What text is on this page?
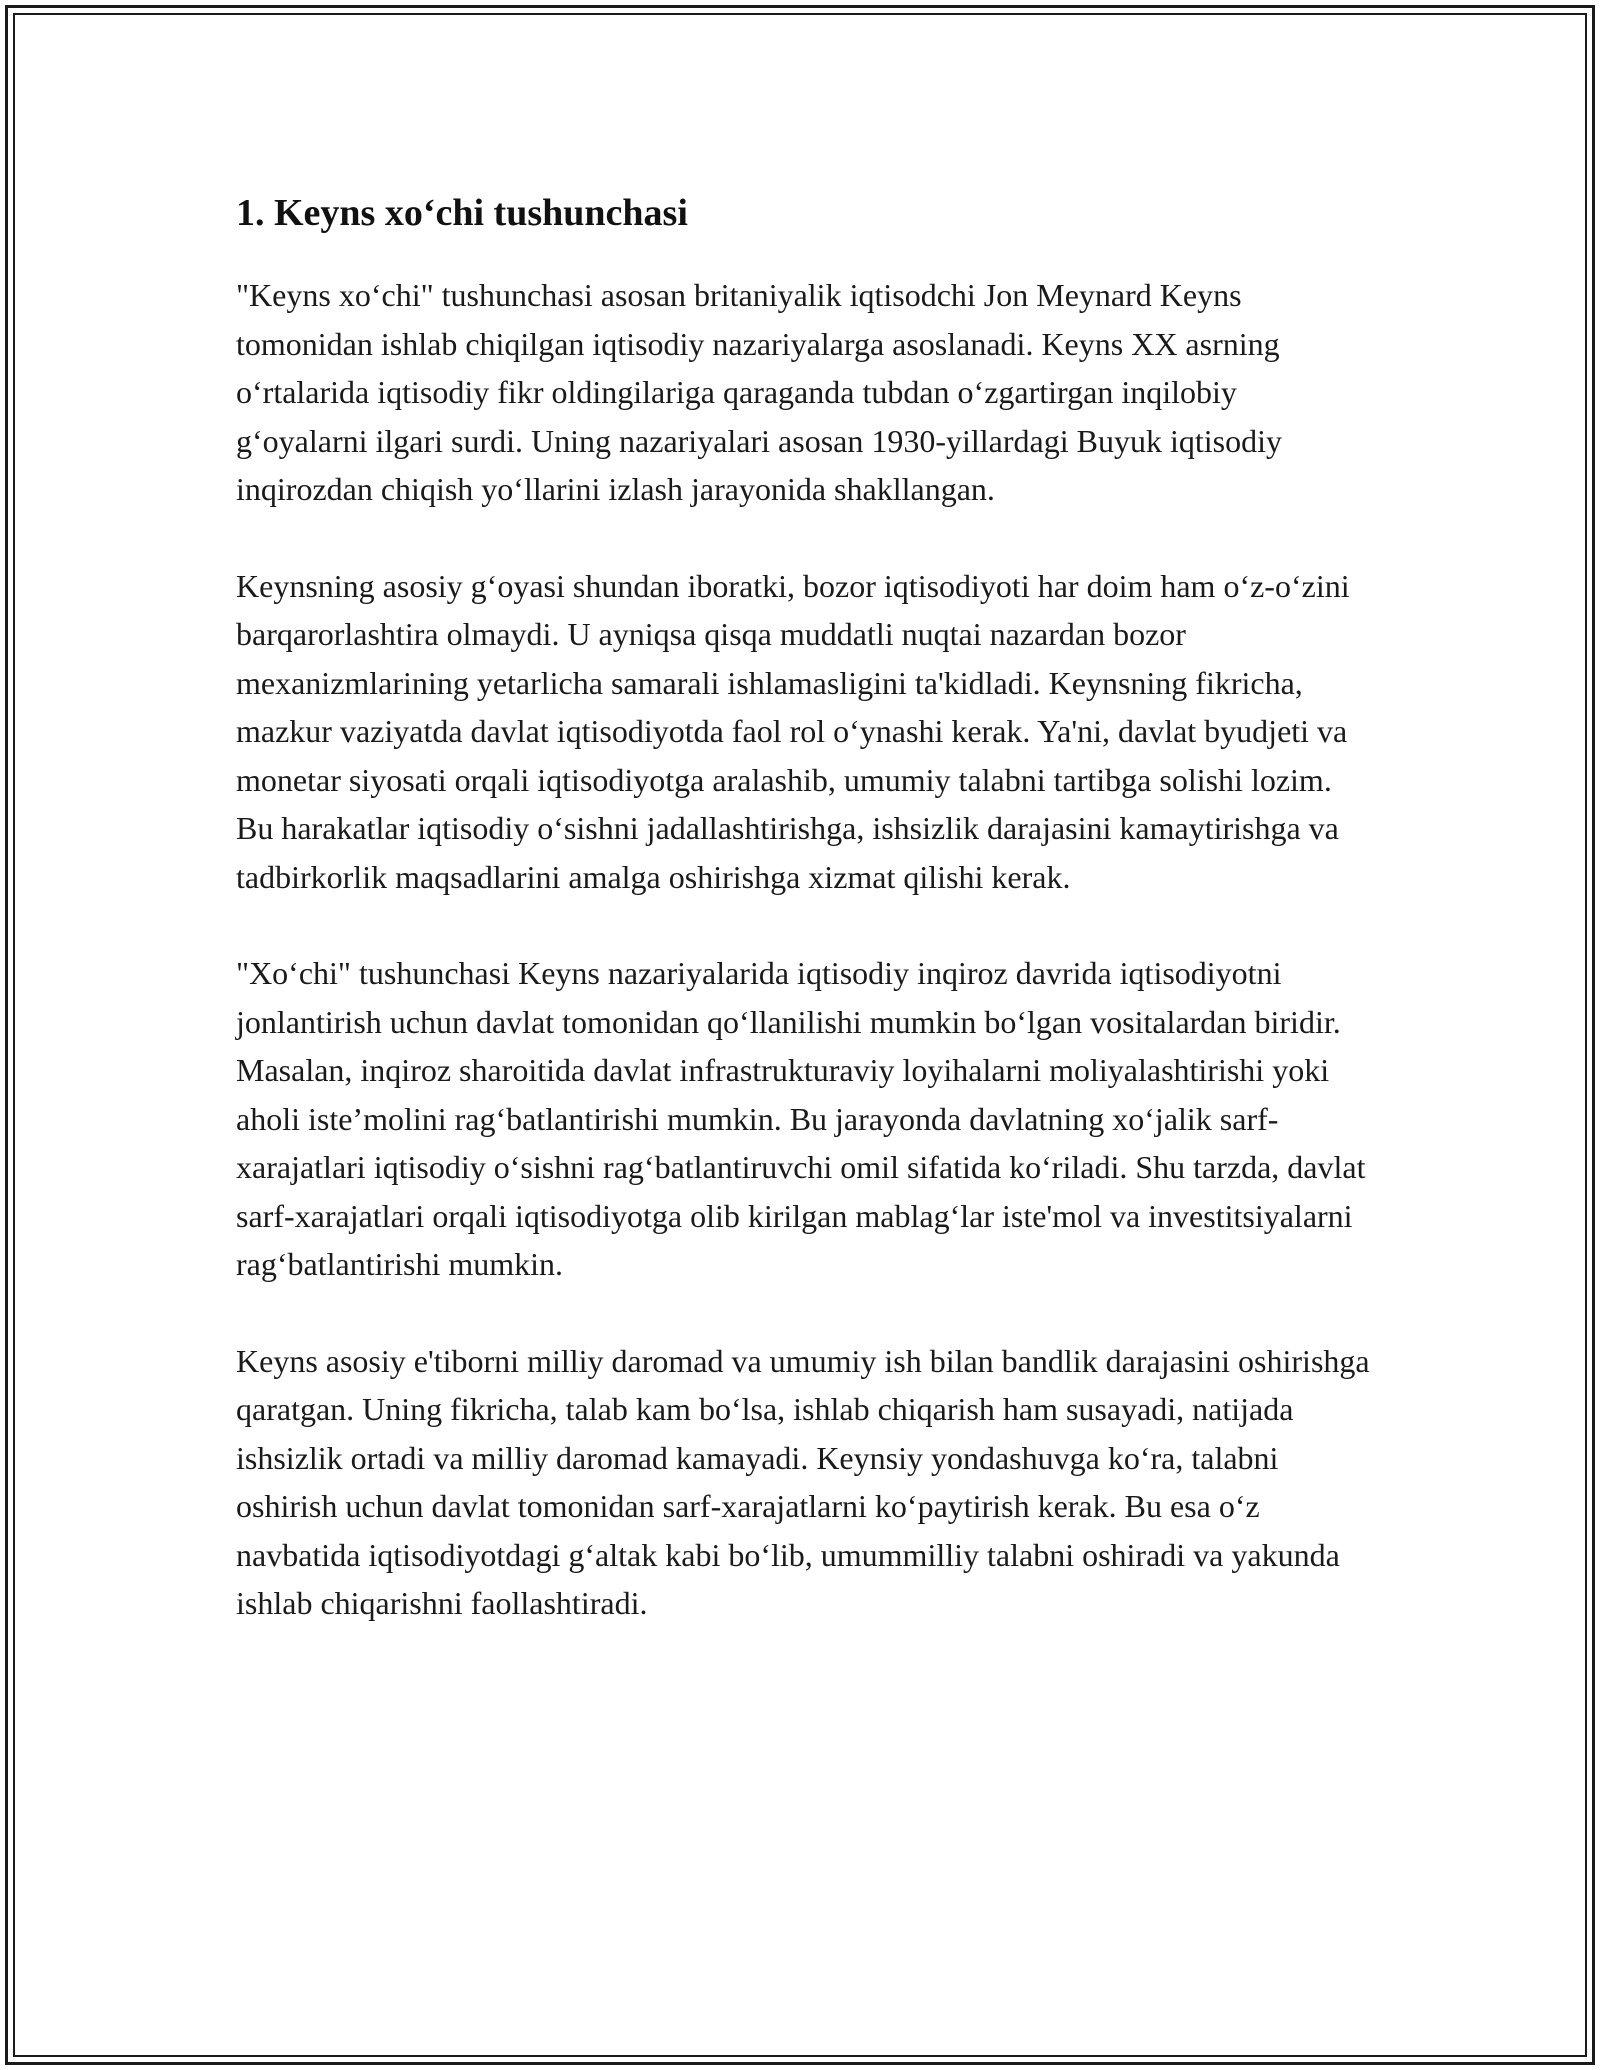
1. Keyns xo‘chi tushunchasi

"Keyns xo‘chi" tushunchasi asosan britaniyalik iqtisodchi Jon Meynard Keyns tomonidan ishlab chiqilgan iqtisodiy nazariyalarga asoslanadi. Keyns XX asrning o‘rtalarida iqtisodiy fikr oldingilariga qaraganda tubdan o‘zgartirgan inqilobiy g‘oyalarni ilgari surdi. Uning nazariyalari asosan 1930-yillardagi Buyuk iqtisodiy inqirozdan chiqish yo‘llarini izlash jarayonida shakllangan.

Keynsning asosiy g‘oyasi shundan iboratki, bozor iqtisodiyoti har doim ham o‘z-o‘zini barqarorlashtira olmaydi. U ayniqsa qisqa muddatli nuqtai nazardan bozor mexanizmlarining yetarlicha samarali ishlamasligini ta'kidladi. Keynsning fikricha, mazkur vaziyatda davlat iqtisodiyotda faol rol o‘ynashi kerak. Ya'ni, davlat byudjeti va monetar siyosati orqali iqtisodiyotga aralashib, umumiy talabni tartibga solishi lozim. Bu harakatlar iqtisodiy o‘sishni jadallashtirishga, ishsizlik darajasini kamaytirishga va tadbirkorlik maqsadlarini amalga oshirishga xizmat qilishi kerak.

"Xo‘chi" tushunchasi Keyns nazariyalarida iqtisodiy inqiroz davrida iqtisodiyotni jonlantirish uchun davlat tomonidan qo‘llanilishi mumkin bo‘lgan vositalardan biridir. Masalan, inqiroz sharoitida davlat infrastrukturaviy loyihalarni moliyalashtirishi yoki aholi iste’molini rag‘batlantirishi mumkin. Bu jarayonda davlatning xo‘jalik sarf-xarajatlari iqtisodiy o‘sishni rag‘batlantiruvchi omil sifatida ko‘riladi. Shu tarzda, davlat sarf-xarajatlari orqali iqtisodiyotga olib kirilgan mablag‘lar iste'mol va investitsiyalarni rag‘batlantirishi mumkin.

Keyns asosiy e'tiborni milliy daromad va umumiy ish bilan bandlik darajasini oshirishga qaratgan. Uning fikricha, talab kam bo‘lsa, ishlab chiqarish ham susayadi, natijada ishsizlik ortadi va milliy daromad kamayadi. Keynsiy yondashuvga ko‘ra, talabni oshirish uchun davlat tomonidan sarf-xarajatlarni ko‘paytirish kerak. Bu esa o‘z navbatida iqtisodiyotdagi g‘altak kabi bo‘lib, umummilliy talabni oshiradi va yakunda ishlab chiqarishni faollashtiradi.
